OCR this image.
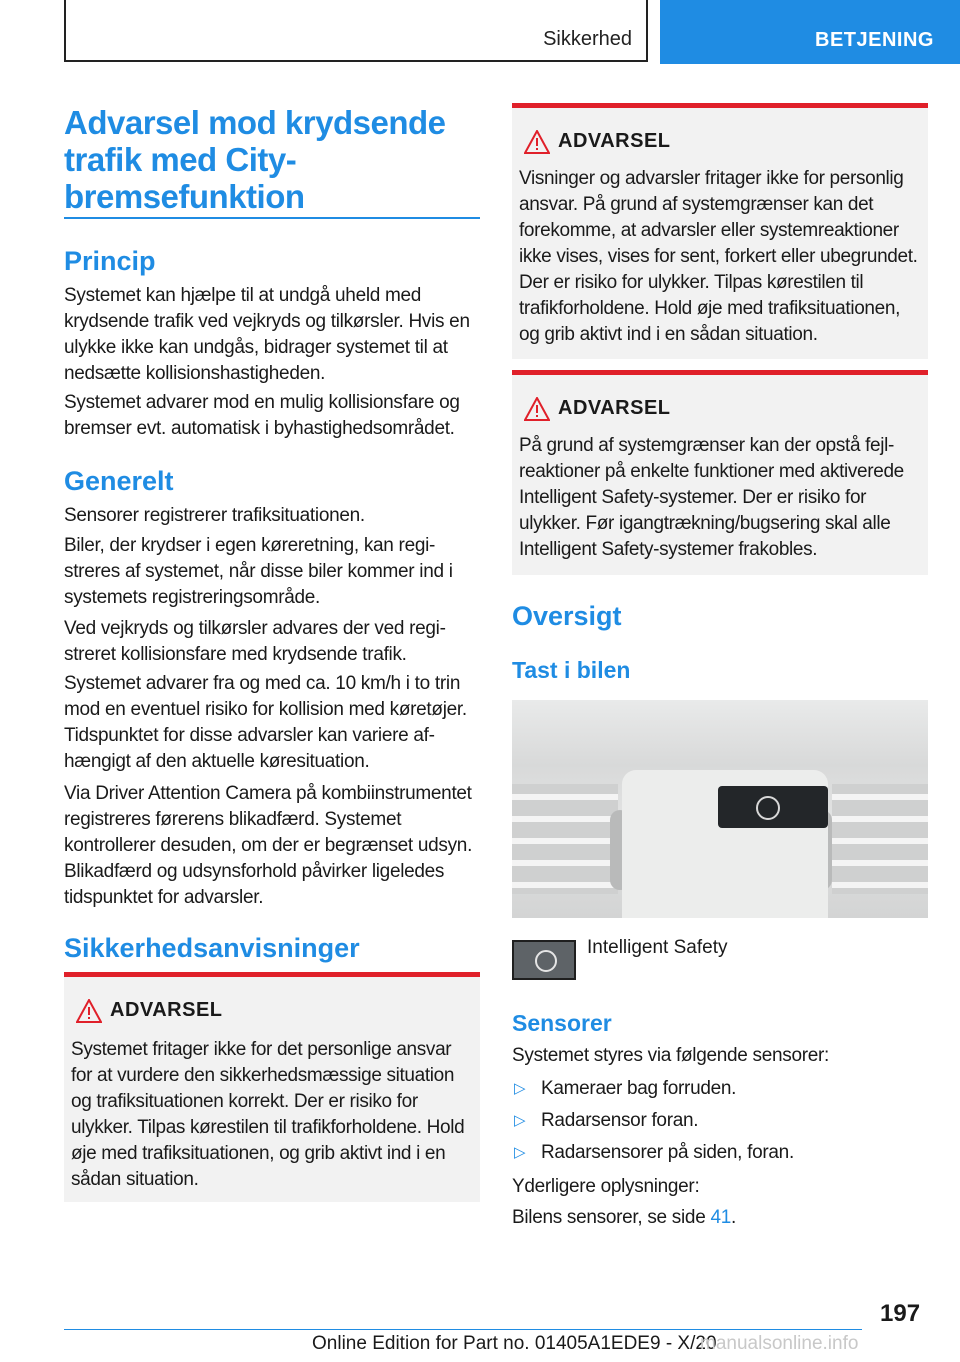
Sikkerhed	BETJENING
Advarsel mod krydsende
trafik med City-
bremsefunktion
Princip

Systemet kan hjælpe til at undgå uheld med krydsende trafik ved vejkryds og tilkørsler. Hvis en ulykke ikke kan undgås, bidrager systemet til at nedsætte kollisionshastigheden.

Systemet advarer mod en mulig kollisionsfare og bremser evt. automatisk i byhastighedsområdet.

Generelt

Sensorer registrerer trafiksituationen.

Biler, der krydser i egen køreretning, kan registreres af systemet, når disse biler kommer ind i systemets registreringsområde.

Ved vejkryds og tilkørsler advares der ved registreret kollisionsfare med krydsende trafik.

Systemet advarer fra og med ca. 10 km/h i to trin mod en eventuel risiko for kollision med køretøjer. Tidspunktet for disse advarsler kan variere afhængigt af den aktuelle køresituation.

Via Driver Attention Camera på kombiinstrumentet registreres førerens blikadfærd. Systemet kontrollerer desuden, om der er begrænset udsyn. Blikadfærd og udsynsforhold påvirker ligeledes tidspunktet for advarsler.

Sikkerhedsanvisninger
ADVARSEL
Systemet fritager ikke for det personlige ansvar for at vurdere den sikkerhedsmæssige situation og trafiksituationen korrekt. Der er risiko for ulykker. Tilpas kørestilen til trafikforholdene. Hold øje med trafiksituationen, og grib aktivt ind i en sådan situation.
ADVARSEL
Visninger og advarsler fritager ikke for personlig ansvar. På grund af systemgrænser kan det forekomme, at advarsler eller systemreaktioner ikke vises, vises for sent, forkert eller ubegrundet. Der er risiko for ulykker. Tilpas kørestilen til trafikforholdene. Hold øje med trafiksituationen, og grib aktivt ind i en sådan situation.
ADVARSEL
På grund af systemgrænser kan der opstå fejlreaktioner på enkelte funktioner med aktiverede Intelligent Safety-systemer. Der er risiko for ulykker. Før igangtrækning/bugsering skal alle Intelligent Safety-systemer frakobles.
Oversigt
Tast i bilen
Intelligent Safety
Sensorer

Systemet styres via følgende sensorer:

▷ Kameraer bag forruden.
▷ Radarsensor foran.
▷ Radarsensorer på siden, foran.

Yderligere oplysninger:

Bilens sensorer, se side 41.

197
Online Edition for Part no. 01405A1EDE9 - X/20
manualsonline.info
